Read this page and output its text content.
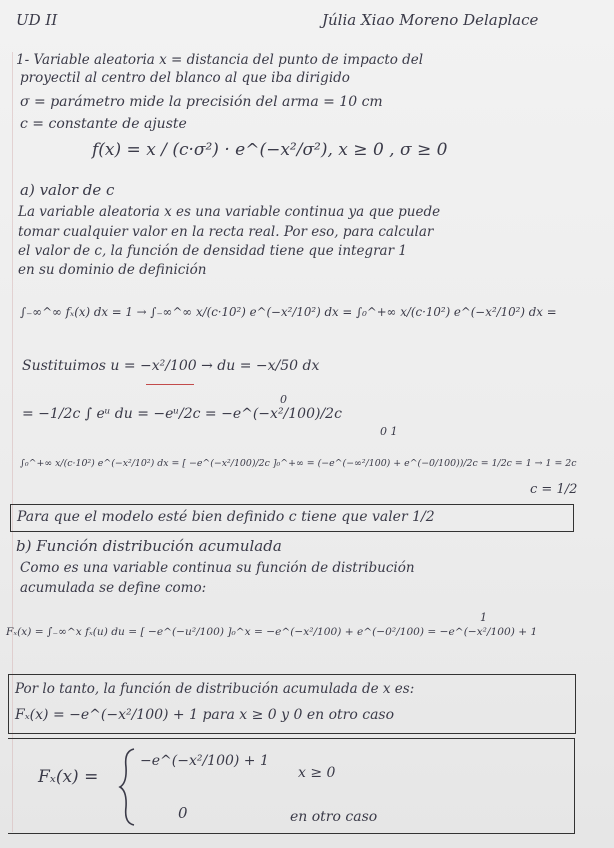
UD II	Júlia Xiao Moreno Delaplace
1- Variable aleatoria x = distancia del punto de impacto del
proyectil al centro del blanco al que iba dirigido
σ = parámetro mide la precisión del arma = 10 cm
c = constante de ajuste
f(x) = x / (c·σ²) · e^(−x²/σ²), x ≥ 0 , σ ≥ 0
a) valor de c
La variable aleatoria x es una variable continua ya que puede
tomar cualquier valor en la recta real. Por eso, para calcular
el valor de c, la función de densidad tiene que integrar 1
en su dominio de definición
∫₋∞^∞ fₓ(x) dx = 1 → ∫₋∞^∞ x/(c·10²) e^(−x²/10²) dx = ∫₀^+∞ x/(c·10²) e^(−x²/10²) dx =
Sustituimos u = −x²/100 → du = −x/50 dx
0
= −1/2c ∫ eᵘ du = −eᵘ/2c = −e^(−x²/100)/2c
0 1
∫₀^+∞ x/(c·10²) e^(−x²/10²) dx = [ −e^(−x²/100)/2c ]₀^+∞ = (−e^(−∞²/100) + e^(−0/100))/2c = 1/2c = 1 → 1 = 2c
c = 1/2
Para que el modelo esté bien definido c tiene que valer 1/2
b) Función distribución acumulada
Como es una variable continua su función de distribución
acumulada se define como:
1
Fₓ(x) = ∫₋∞^x fₓ(u) du = [ −e^(−u²/100) ]₀^x = −e^(−x²/100) + e^(−0²/100) = −e^(−x²/100) + 1
Por lo tanto, la función de distribución acumulada de x es:
Fₓ(x) = −e^(−x²/100) + 1 para x ≥ 0 y 0 en otro caso
Fₓ(x) =
−e^(−x²/100) + 1
x ≥ 0
0	en otro caso
